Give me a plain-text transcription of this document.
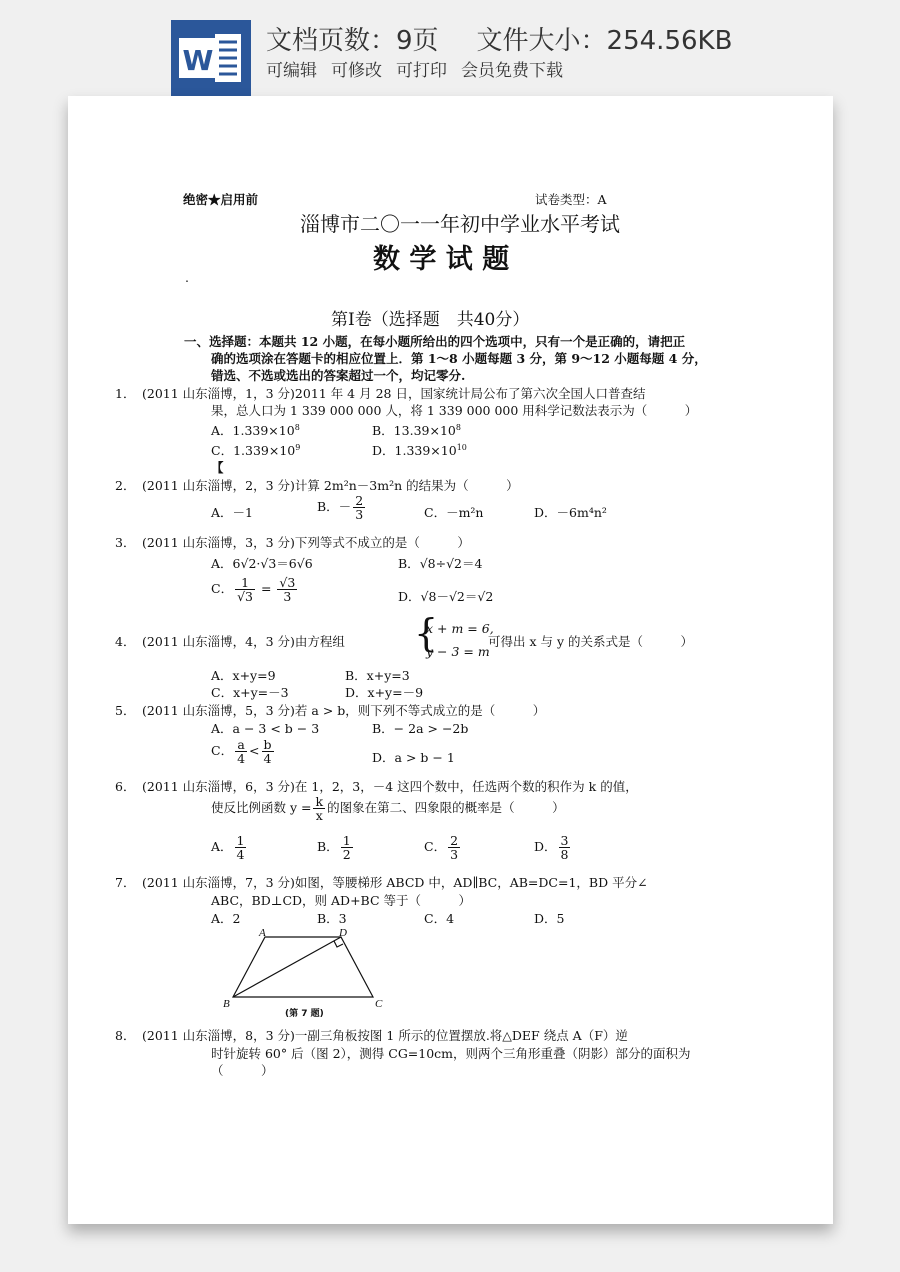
W
文档页数：9页 文件大小：254.56KB
可编辑 可修改 可打印 会员免费下载
绝密★启用前	试卷类型：A
淄博市二〇一一年初中学业水平考试
数 学 试 题
.
第Ⅰ卷（选择题　共40分）
一、选择题：本题共 12 小题，在每小题所给出的四个选项中，只有一个是正确的，请把正
确的选项涂在答题卡的相应位置上．第 1～8 小题每题 3 分，第 9～12 小题每题 4 分，
错选、不选或选出的答案超过一个，均记零分.
1． (2011 山东淄博，1，3 分)2011 年 4 月 28 日，国家统计局公布了第六次全国人口普查结
果，总人口为 1 339 000 000 人，将 1 339 000 000 用科学记数法表示为（　　　）
A．$1.339\times 10^8$	B．$13.39\times 10^8$
C．$1.339\times 10^9$	D．$1.339\times 10^{10}$
【
2． (2011 山东淄博，2，3 分)计算 2m²n－3m²n 的结果为（　　　）
A．－1	B．－ $\frac{2}{3}$	C．－m²n	D．－6m⁴n²
3． (2011 山东淄博，3，3 分)下列等式不成立的是（　　　）
A．6√2·√3＝6√6	B．√8÷√2＝4
C． $\frac{1}{√3} = \frac{√3}{3}$	D．√8－√2＝√2
4． (2011 山东淄博，4，3 分)由方程组 {
x + m = 6,
y − 3 = m
可得出 x 与 y 的关系式是（　　　）
A．x+y=9	B．x+y=3
C．x+y=－3	D．x+y=－9
5． (2011 山东淄博，5，3 分)若 a > b，则下列不等式成立的是（　　　）
A．a − 3 < b − 3	B．− 2a > −2b
C． $\frac{a}{4} < \frac{b}{4}$	D．a > b − 1
6． (2011 山东淄博，6，3 分)在 1，2，3，－4 这四个数中，任选两个数的积作为 k 的值，
使反比例函数 $y = \frac{k}{x}$ 的图象在第二、四象限的概率是（　　　）
A． $\frac{1}{4}$	B． $\frac{1}{2}$	C． $\frac{2}{3}$	D． $\frac{3}{8}$
7． (2011 山东淄博，7，3 分)如图，等腰梯形 ABCD 中，AD∥BC，AB=DC=1，BD 平分∠
ABC，BD⊥CD，则 AD+BC 等于（　　　）
A．2	B．3	C．4	D．5
A	D
B	C
(第 7 题)
8． (2011 山东淄博，8，3 分)一副三角板按图 1 所示的位置摆放.将△DEF 绕点 A（F）逆
时针旋转 60° 后（图 2），测得 CG=10cm，则两个三角形重叠（阴影）部分的面积为
（　　　）
